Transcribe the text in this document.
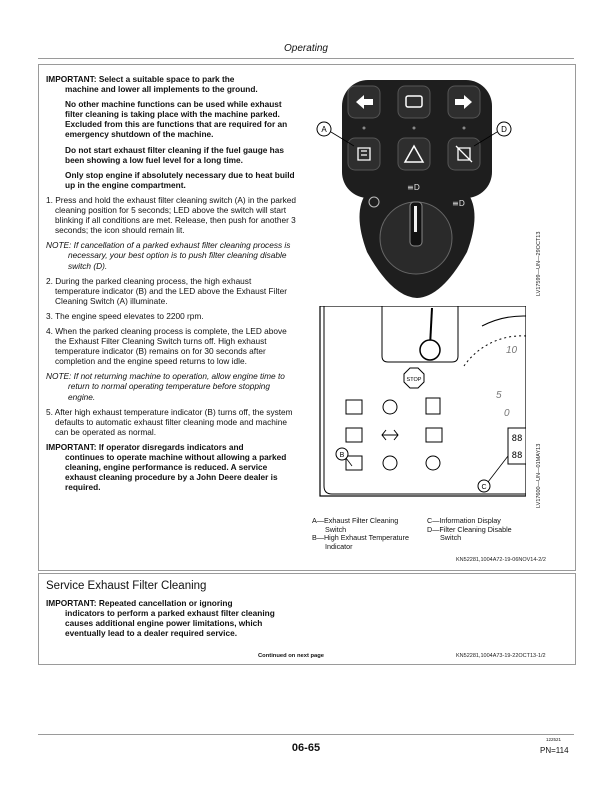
Operating

IMPORTANT: Select a suitable space to park the
machine and lower all implements to the ground.

No other machine functions can be used while exhaust filter cleaning is taking place with the machine parked. Excluded from this are functions that are required for an emergency shutdown of the machine.

Do not start exhaust filter cleaning if the fuel gauge has been showing a low fuel level for a long time.

Only stop engine if absolutely necessary due to heat build up in the engine compartment.

1. Press and hold the exhaust filter cleaning switch (A) in the parked cleaning position for 5 seconds; LED above the switch will start blinking if all conditions are met. Release, then push for another 3 seconds; the icon should remain lit.

NOTE: If cancellation of a parked exhaust filter cleaning process is necessary, your best option is to push filter cleaning disable switch (D).

2. During the parked cleaning process, the high exhaust temperature indicator (B) and the LED above the Exhaust Filter Cleaning Switch (A) illuminate.

3. The engine speed elevates to 2200 rpm.

4. When the parked cleaning process is complete, the LED above the Exhaust Filter Cleaning Switch turns off. High exhaust temperature indicator (B) remains on for 30 seconds after completion and the engine speed returns to low idle.

NOTE: If not returning machine to operation, allow engine time to return to normal operating temperature before stopping engine.

5. After high exhaust temperature indicator (B) turns off, the system defaults to automatic exhaust filter cleaning mode and machine can be operated as normal.

IMPORTANT: If operator disregards indicators and
continues to operate machine without allowing a parked cleaning, engine performance is reduced. A service exhaust cleaning procedure by a John Deere dealer is required.

≡D
≡D
A	D
LV17599—UN—29OCT13
10
5
0
STOP
88
88
B
C	LV17600—UN—01MAY13
A—Exhaust Filter Cleaning
Switch
B—High Exhaust Temperature
Indicator
C—Information Display
D—Filter Cleaning Disable
Switch
KN52281,1004A72-19-06NOV14-2/2
Service Exhaust Filter Cleaning

IMPORTANT: Repeated cancellation or ignoring
indicators to perform a parked exhaust filter cleaning causes additional engine power limitations, which eventually lead to a dealer required service.

Continued on next page	KN52281,1004A73-19-22OCT13-1/2
122521
06-65	PN=114
